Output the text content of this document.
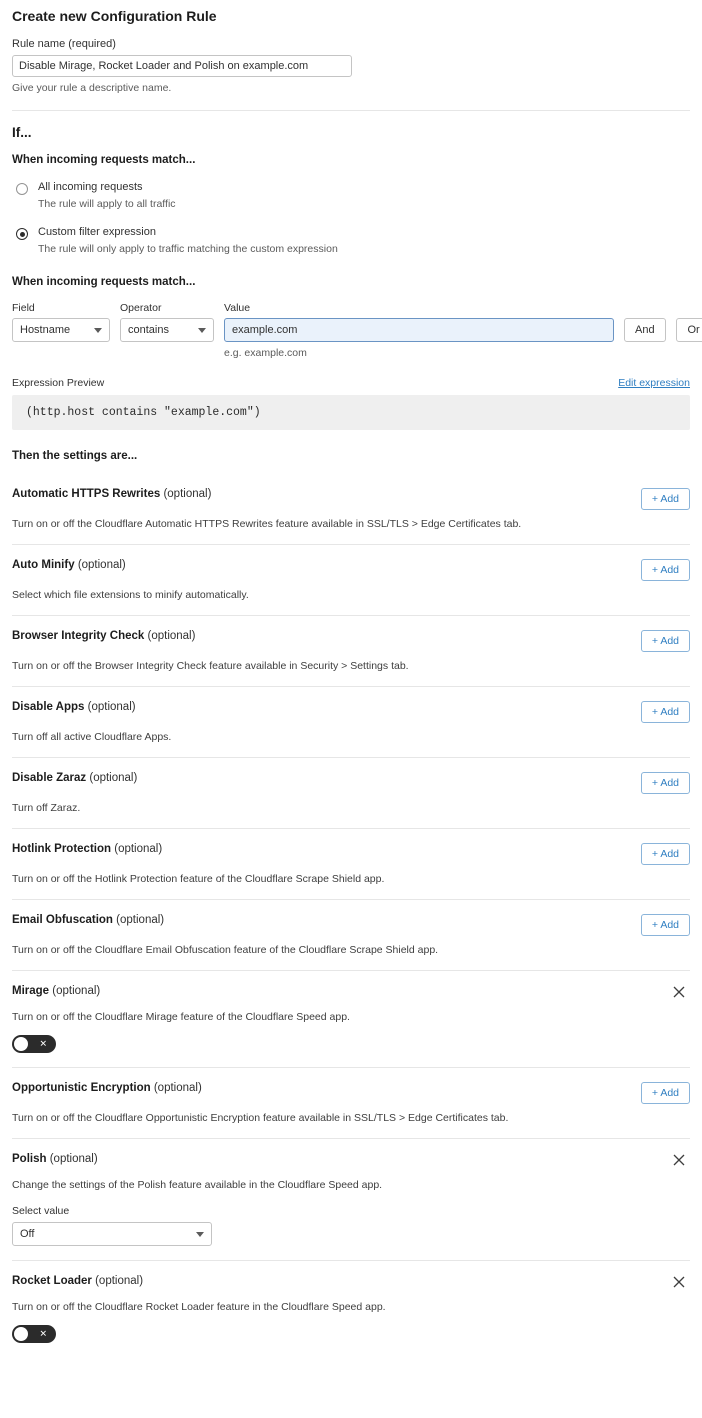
Create new Configuration Rule
Rule name (required)
Disable Mirage, Rocket Loader and Polish on example.com
Give your rule a descriptive name.
If...
When incoming requests match...
All incoming requests
The rule will apply to all traffic
Custom filter expression
The rule will only apply to traffic matching the custom expression
When incoming requests match...
Field
Hostname
Operator
contains
Value
example.com
e.g. example.com

And
	Or
Expression Preview	Edit expression
(http.host contains "example.com")
Then the settings are...
Automatic HTTPS Rewrites (optional)	+ Add
Turn on or off the Cloudflare Automatic HTTPS Rewrites feature available in SSL/TLS > Edge Certificates tab.
Auto Minify (optional)	+ Add
Select which file extensions to minify automatically.
Browser Integrity Check (optional)	+ Add
Turn on or off the Browser Integrity Check feature available in Security > Settings tab.
Disable Apps (optional)	+ Add
Turn off all active Cloudflare Apps.
Disable Zaraz (optional)	+ Add
Turn off Zaraz.
Hotlink Protection (optional)	+ Add
Turn on or off the Hotlink Protection feature of the Cloudflare Scrape Shield app.
Email Obfuscation (optional)	+ Add
Turn on or off the Cloudflare Email Obfuscation feature of the Cloudflare Scrape Shield app.
Mirage (optional)
Turn on or off the Cloudflare Mirage feature of the Cloudflare Speed app.
✕
Opportunistic Encryption (optional)	+ Add
Turn on or off the Cloudflare Opportunistic Encryption feature available in SSL/TLS > Edge Certificates tab.
Polish (optional)
Change the settings of the Polish feature available in the Cloudflare Speed app.
Select value
Off
Rocket Loader (optional)
Turn on or off the Cloudflare Rocket Loader feature in the Cloudflare Speed app.
✕
